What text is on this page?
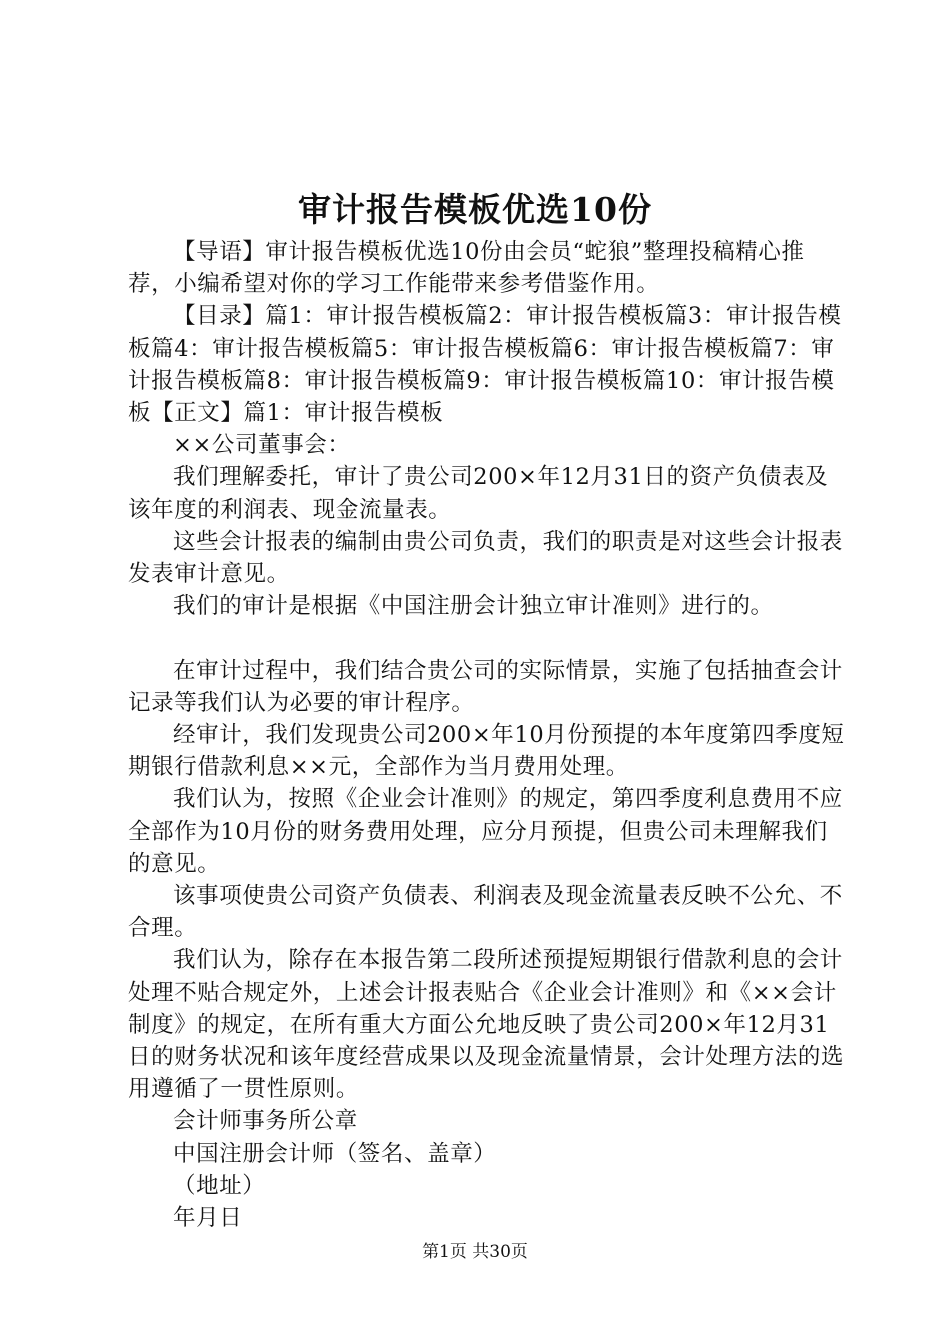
审计报告模板优选10份

【导语】审计报告模板优选10份由会员“蛇狼”整理投稿精心推荐，小编希望对你的学习工作能带来参考借鉴作用。

【目录】篇1：审计报告模板篇2：审计报告模板篇3：审计报告模板篇4：审计报告模板篇5：审计报告模板篇6：审计报告模板篇7：审计报告模板篇8：审计报告模板篇9：审计报告模板篇10：审计报告模板【正文】篇1：审计报告模板

××公司董事会：

我们理解委托，审计了贵公司200×年12月31日的资产负债表及该年度的利润表、现金流量表。

这些会计报表的编制由贵公司负责，我们的职责是对这些会计报表发表审计意见。

我们的审计是根据《中国注册会计独立审计准则》进行的。

在审计过程中，我们结合贵公司的实际情景，实施了包括抽查会计记录等我们认为必要的审计程序。

经审计，我们发现贵公司200×年10月份预提的本年度第四季度短期银行借款利息××元，全部作为当月费用处理。

我们认为，按照《企业会计准则》的规定，第四季度利息费用不应全部作为10月份的财务费用处理，应分月预提，但贵公司未理解我们的意见。

该事项使贵公司资产负债表、利润表及现金流量表反映不公允、不合理。

我们认为，除存在本报告第二段所述预提短期银行借款利息的会计处理不贴合规定外，上述会计报表贴合《企业会计准则》和《××会计制度》的规定，在所有重大方面公允地反映了贵公司200×年12月31日的财务状况和该年度经营成果以及现金流量情景，会计处理方法的选用遵循了一贯性原则。

会计师事务所公章

中国注册会计师（签名、盖章）

（地址）

年月日

第1页 共30页
